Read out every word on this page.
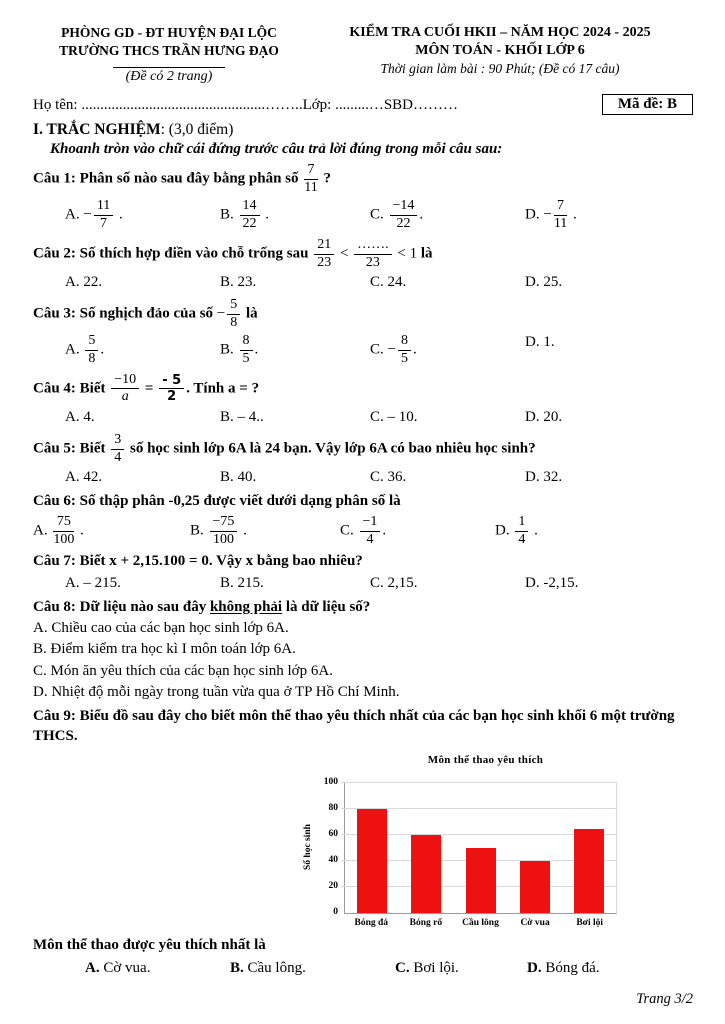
PHÒNG GD - ĐT HUYỆN ĐẠI LỘC
TRƯỜNG THCS TRẦN HƯNG ĐẠO
(Đề có 2 trang)
KIỂM TRA CUỐI HKII – NĂM HỌC 2024 - 2025
MÔN TOÁN - KHỐI LỚP 6
Thời gian làm bài : 90 Phút; (Đề có 17 câu)
Họ tên: .................................................……..Lớp: .........…SBD………	Mã đề: B
I. TRẮC NGHIỆM: (3,0 điểm)
Khoanh tròn vào chữ cái đứng trước câu trả lời đúng trong mỗi câu sau:
Câu 1: Phân số nào sau đây bằng phân số $\frac{7}{11}$ ?
A. − $\frac{11}{7}$ .	B. $\frac{14}{22}$ .	C. $\frac{-14}{22}$ .	D. − $\frac{7}{11}$ .
Câu 2: Số thích hợp điền vào chỗ trống sau $\frac{21}{23} < \frac{\dots\dots.}{23} < 1$ là
A. 22.	B. 23.	C. 24.	D. 25.
Câu 3: Số nghịch đảo của số − $\frac{5}{8}$ là
A. $\frac{5}{8}$ .	B. $\frac{8}{5}$ .	C. − $\frac{8}{5}$ .	D. 1.
Câu 4: Biết $\frac{-10}{a} = \frac{- 5}{2}$ . Tính a = ?
A. 4.	B. – 4..	C. – 10.	D. 20.
Câu 5: Biết $\frac{3}{4}$ số học sinh lớp 6A là 24 bạn. Vậy lớp 6A có bao nhiêu học sinh?
A. 42.	B. 40.	C. 36.	D. 32.
Câu 6: Số thập phân -0,25 được viết dưới dạng phân số là
A. $\frac{75}{100}$ .	B. $\frac{-75}{100}$ .	C. $\frac{-1}{4}$ .	D. $\frac{1}{4}$ .
Câu 7: Biết x + 2,15.100 = 0. Vậy x bằng bao nhiêu?
A. – 215.	B. 215.	C. 2,15.	D. -2,15.
Câu 8: Dữ liệu nào sau đây không phải là dữ liệu số?
A. Chiều cao của các bạn học sinh lớp 6A.
B. Điểm kiểm tra học kì I môn toán lớp 6A.
C. Món ăn yêu thích của các bạn học sinh lớp 6A.
D. Nhiệt độ mỗi ngày trong tuần vừa qua ở TP Hồ Chí Minh.
Câu 9: Biểu đồ sau đây cho biết môn thể thao yêu thích nhất của các bạn học sinh khối 6 một trường THCS.
Môn thể thao yêu thích
Số học sinh
0
20
40
60
80
100
Bóng đá	Bóng rổ	Cầu lông	Cờ vua	Bơi lội
Môn thể thao được yêu thích nhất là
A. Cờ vua.	B. Cầu lông.	C. Bơi lội.	D. Bóng đá.
Trang 3/2
